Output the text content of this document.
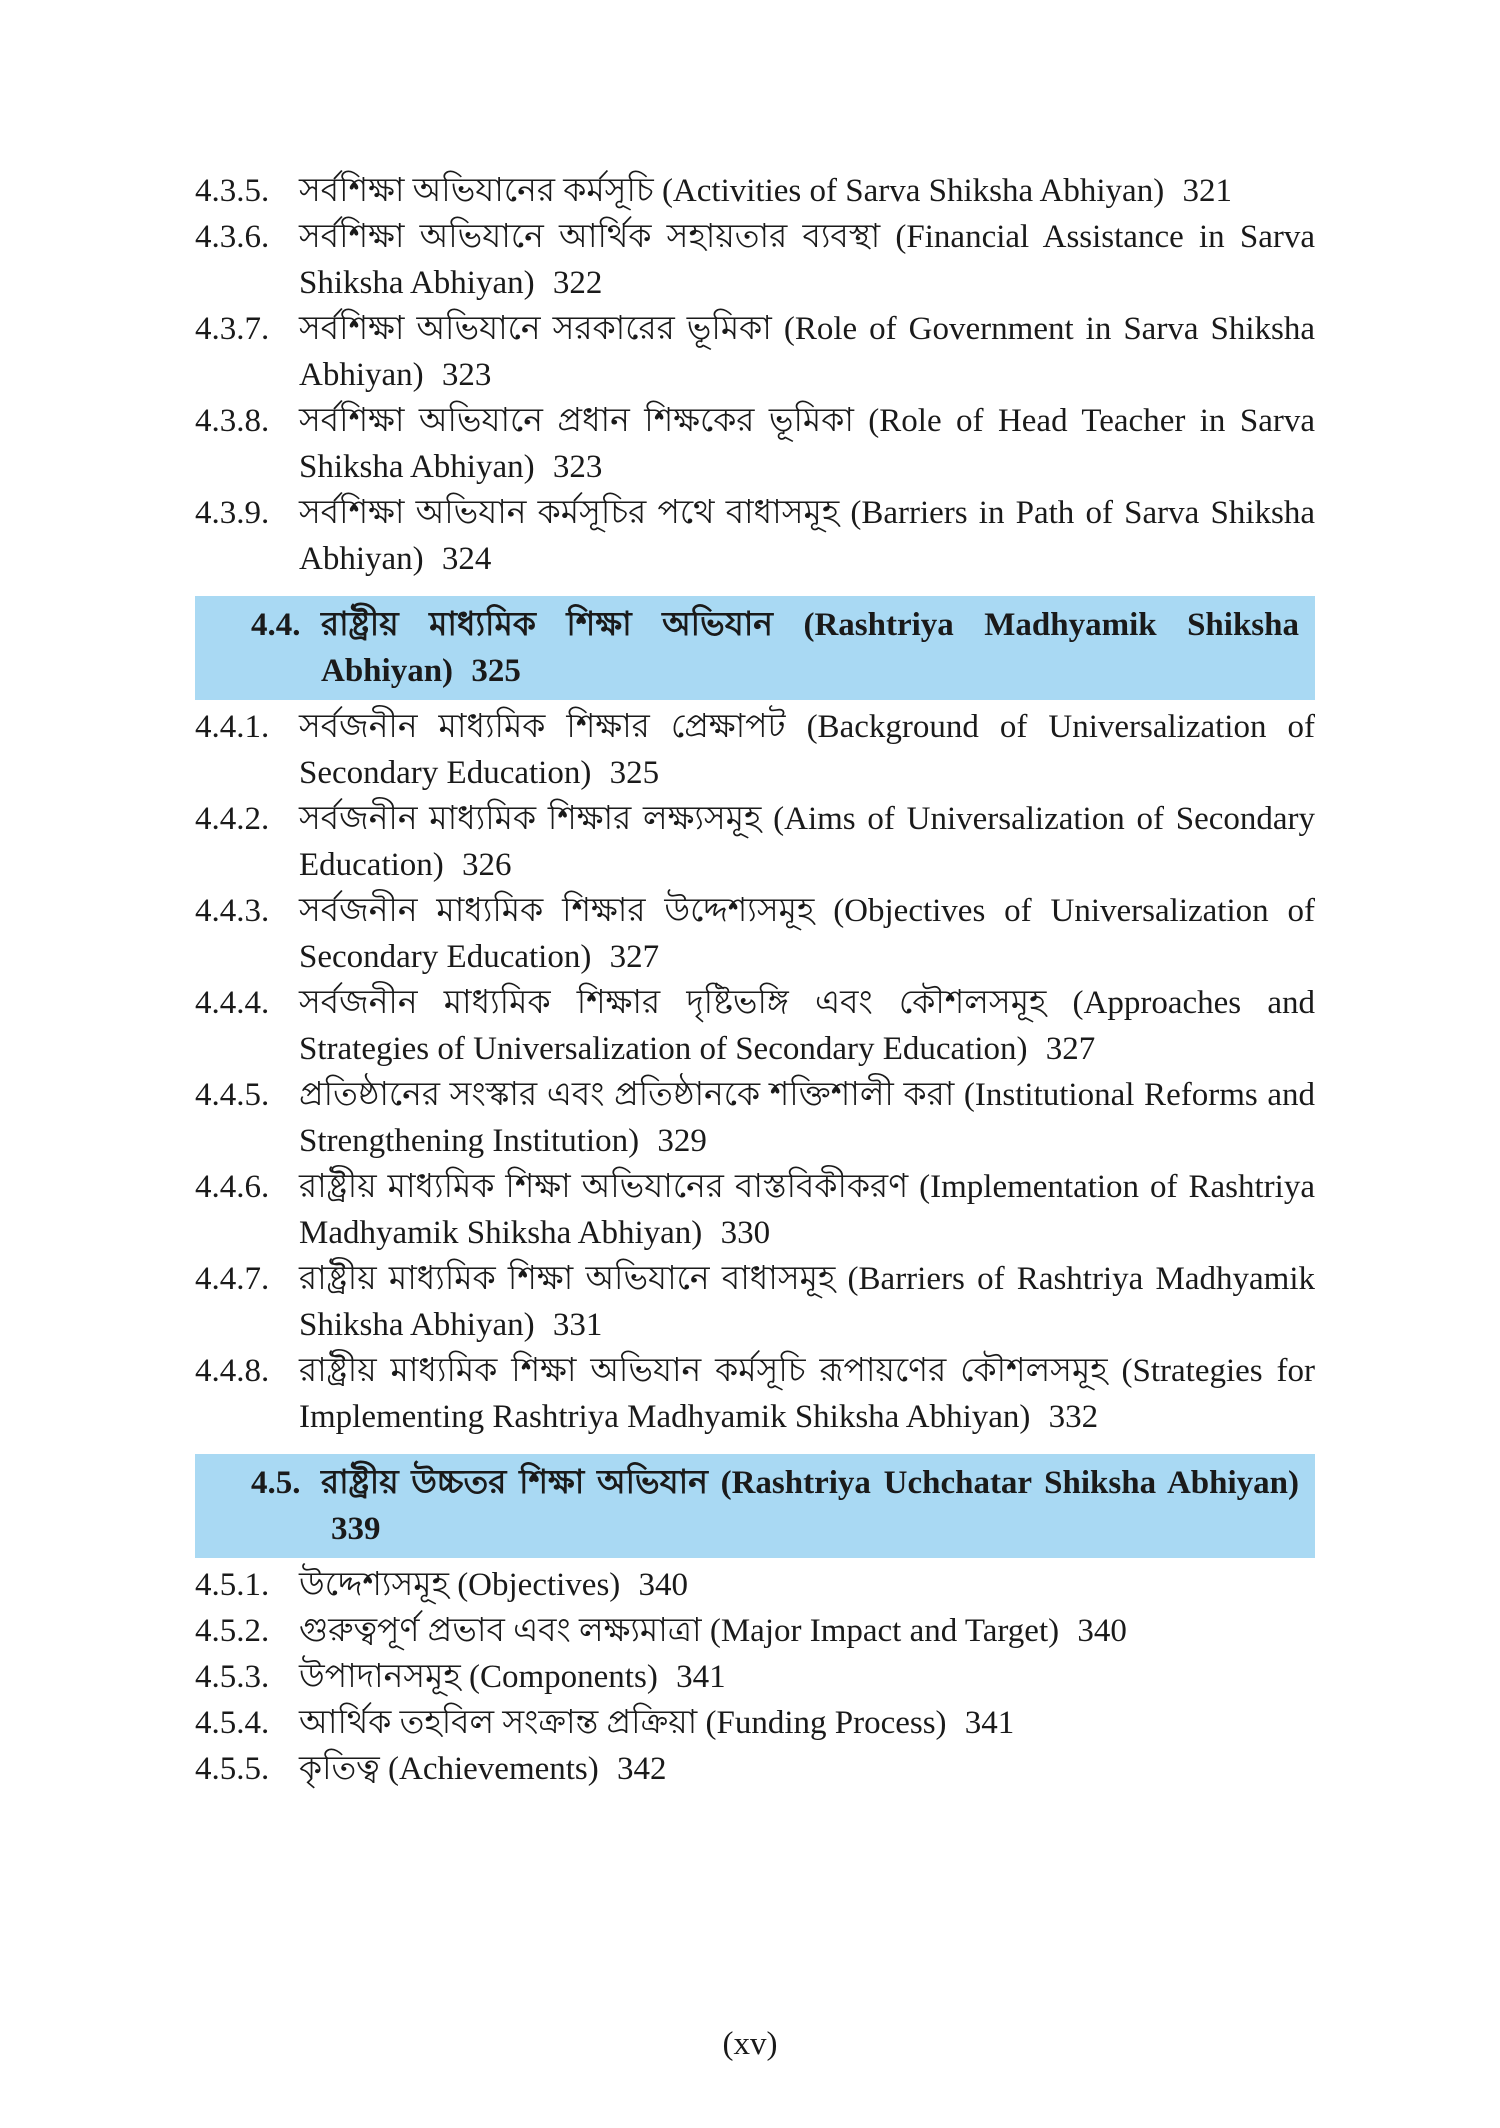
4.3.5. সর্বশিক্ষা অভিযানের কর্মসূচি (Activities of Sarva Shiksha Abhiyan) 321
4.3.6. সর্বশিক্ষা অভিযানে আর্থিক সহায়তার ব্যবস্থা (Financial Assistance in Sarva Shiksha Abhiyan) 322
4.3.7. সর্বশিক্ষা অভিযানে সরকারের ভূমিকা (Role of Government in Sarva Shiksha Abhiyan) 323
4.3.8. সর্বশিক্ষা অভিযানে প্রধান শিক্ষকের ভূমিকা (Role of Head Teacher in Sarva Shiksha Abhiyan) 323
4.3.9. সর্বশিক্ষা অভিযান কর্মসূচির পথে বাধাসমূহ (Barriers in Path of Sarva Shiksha Abhiyan) 324
4.4. রাষ্ট্রীয় মাধ্যমিক শিক্ষা অভিযান (Rashtriya Madhyamik Shiksha Abhiyan) 325
4.4.1. সর্বজনীন মাধ্যমিক শিক্ষার প্রেক্ষাপট (Background of Universalization of Secondary Education) 325
4.4.2. সর্বজনীন মাধ্যমিক শিক্ষার লক্ষ্যসমূহ (Aims of Universalization of Secondary Education) 326
4.4.3. সর্বজনীন মাধ্যমিক শিক্ষার উদ্দেশ্যসমূহ (Objectives of Universalization of Secondary Education) 327
4.4.4. সর্বজনীন মাধ্যমিক শিক্ষার দৃষ্টিভঙ্গি এবং কৌশলসমূহ (Approaches and Strategies of Universalization of Secondary Education) 327
4.4.5. প্রতিষ্ঠানের সংস্কার এবং প্রতিষ্ঠানকে শক্তিশালী করা (Institutional Reforms and Strengthening Institution) 329
4.4.6. রাষ্ট্রীয় মাধ্যমিক শিক্ষা অভিযানের বাস্তবিকীকরণ (Implementation of Rashtriya Madhyamik Shiksha Abhiyan) 330
4.4.7. রাষ্ট্রীয় মাধ্যমিক শিক্ষা অভিযানে বাধাসমূহ (Barriers of Rashtriya Madhyamik Shiksha Abhiyan) 331
4.4.8. রাষ্ট্রীয় মাধ্যমিক শিক্ষা অভিযান কর্মসূচি রূপায়ণের কৌশলসমূহ (Strategies for Implementing Rashtriya Madhyamik Shiksha Abhiyan) 332
4.5. রাষ্ট্রীয় উচ্চতর শিক্ষা অভিযান (Rashtriya Uchchatar Shiksha Abhiyan) 339
4.5.1. উদ্দেশ্যসমূহ (Objectives) 340
4.5.2. গুরুত্বপূর্ণ প্রভাব এবং লক্ষ্যমাত্রা (Major Impact and Target) 340
4.5.3. উপাদানসমূহ (Components) 341
4.5.4. আর্থিক তহবিল সংক্রান্ত প্রক্রিয়া (Funding Process) 341
4.5.5. কৃতিত্ব (Achievements) 342
(xv)
